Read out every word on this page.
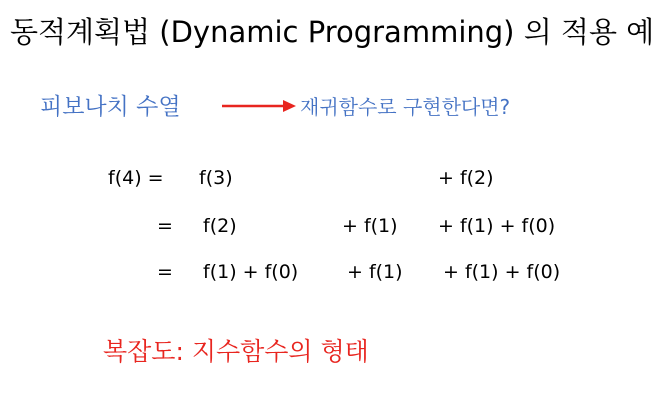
동적계획법 (Dynamic Programming) 의 적용 예
피보나치 수열	재귀함수로 구현한다면?
f(4) = f(3)	+ f(2)
= f(2)	+ f(1) + f(1) + f(0)
= f(1) + f(0)	+ f(1) + f(1) + f(0)
복잡도: 지수함수의 형태
